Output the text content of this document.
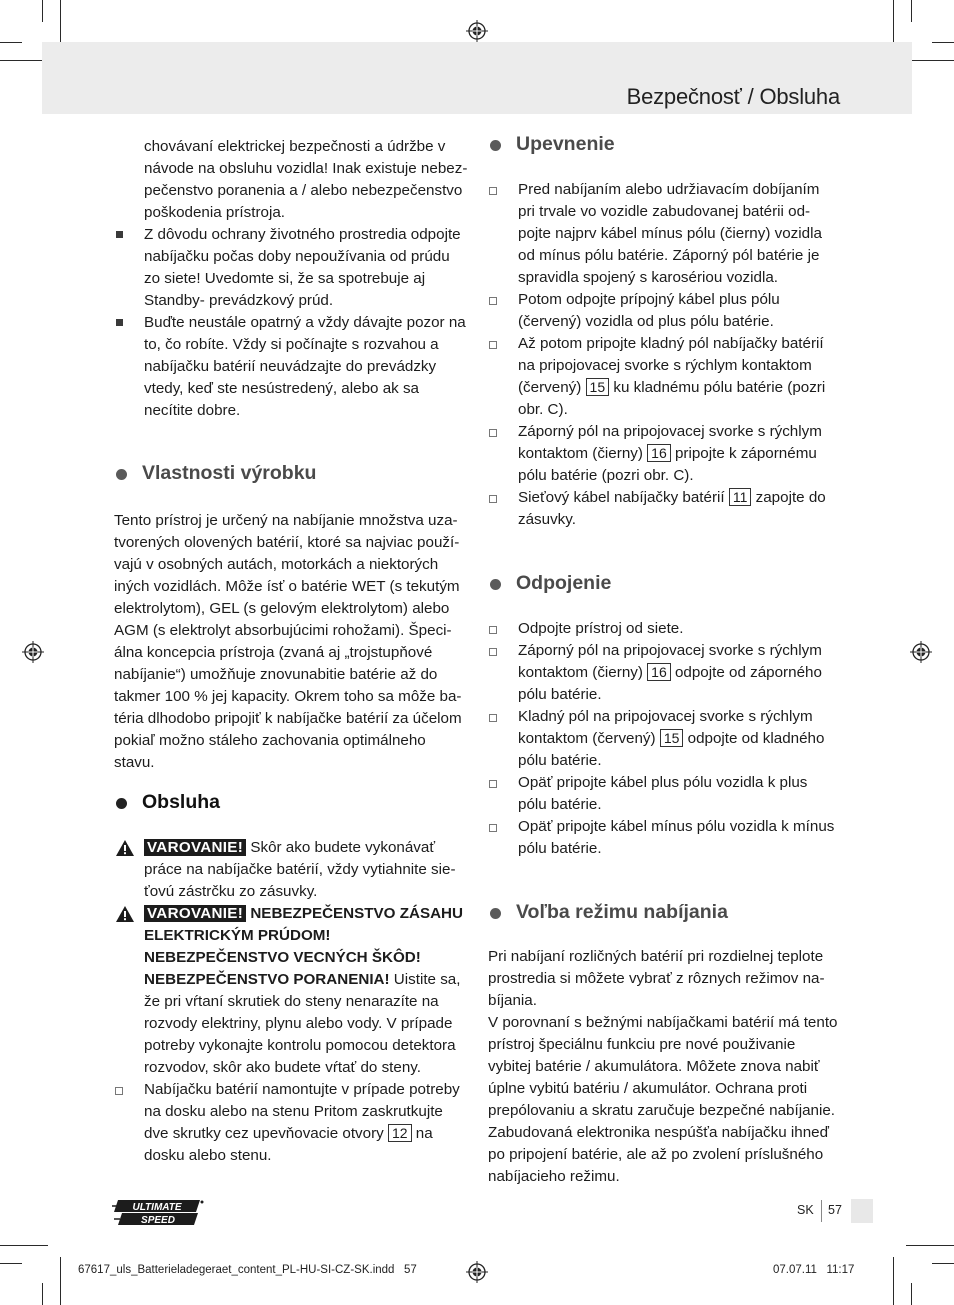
Bezpečnosť / Obsluha
chovávaní elektrickej bezpečnosti a údržbe v návode na obsluhu vozidla! Inak existuje nebez- pečenstvo poranenia a / alebo nebezpečenstvo poškodenia prístroja.
Z dôvodu ochrany životného prostredia odpojte nabíjačku počas doby nepoužívania od prúdu zo siete! Uvedomte si, že sa spotrebuje aj Standby- prevádzkový prúd.
Buďte neustále opatrný a vždy dávajte pozor na to, čo robíte. Vždy si počínajte s rozvahou a nabíjačku batérií neuvádzajte do prevádzky vtedy, keď ste nesústredený, alebo ak sa necítite dobre.
Vlastnosti výrobku
Tento prístroj je určený na nabíjanie množstva uza- tvorených olovených batérií, ktoré sa najviac použí- vajú v osobných autách, motorkách a niektorých iných vozidlách. Môže ísť o batérie WET (s tekutým elektrolytom), GEL (s gelovým elektrolytom) alebo AGM (s elektrolyt absorbujúcimi rohožami). Špeci- álna koncepcia prístroja (zvaná aj „trojstupňové nabíjanie“) umožňuje znovunabitie batérie až do takmer 100 % jej kapacity. Okrem toho sa môže ba- téria dlhodobo pripojiť k nabíjačke batérií za účelom pokiaľ možno stáleho zachovania optimálneho stavu.
Obsluha
VAROVANIE! Skôr ako budete vykonávať práce na nabíjačke batérií, vždy vytiahnite sie- ťovú zástrčku zo zásuvky.
VAROVANIE! NEBEZPEČENSTVO ZÁSAHU ELEKTRICKÝM PRÚDOM! NEBEZPEČENSTVO VECNÝCH ŠKÔD! NEBEZPEČENSTVO PORANENIA! Uistite sa, že pri vŕtaní skrutiek do steny nenarazíte na rozvody elektriny, plynu alebo vody. V prípade potreby vykonajte kontrolu pomocou detektora rozvodov, skôr ako budete vŕtať do steny.
Nabíjačku batérií namontujte v prípade potreby na dosku alebo na stenu Pritom zaskrutkujte dve skrutky cez upevňovacie otvory 12 na dosku alebo stenu.
Upevnenie
Pred nabíjaním alebo udržiavacím dobíjaním pri trvale vo vozidle zabudovanej batérii od- pojte najprv kábel mínus pólu (čierny) vozidla od mínus pólu batérie. Záporný pól batérie je spravidla spojený s karosériou vozidla.
Potom odpojte prípojný kábel plus pólu (červený) vozidla od plus pólu batérie.
Až potom pripojte kladný pól nabíjačky batérií na pripojovacej svorke s rýchlym kontaktom (červený) 15 ku kladnému pólu batérie (pozri obr. C).
Záporný pól na pripojovacej svorke s rýchlym kontaktom (čierny) 16 pripojte k zápornému pólu batérie (pozri obr. C).
Sieťový kábel nabíjačky batérií 11 zapojte do zásuvky.
Odpojenie
Odpojte prístroj od siete.
Záporný pól na pripojovacej svorke s rýchlym kontaktom (čierny) 16 odpojte od záporného pólu batérie.
Kladný pól na pripojovacej svorke s rýchlym kontaktom (červený) 15 odpojte od kladného pólu batérie.
Opäť pripojte kábel plus pólu vozidla k plus pólu batérie.
Opäť pripojte kábel mínus pólu vozidla k mínus pólu batérie.
Voľba režimu nabíjania
Pri nabíjaní rozličných batérií pri rozdielnej teplote prostredia si môžete vybrať z rôznych režimov na- bíjania.
V porovnaní s bežnými nabíjačkami batérií má tento prístroj špeciálnu funkciu pre nové použivanie vybitej batérie / akumulátora. Môžete znova nabiť úplne vybitú batériu / akumulátor. Ochrana proti prepólovaniu a skratu zaručuje bezpečné nabíjanie. Zabudovaná elektronika nespúšťa nabíjačku ihneď po pripojení batérie, ale až po zvolení príslušného nabíjacieho režimu.
ULTIMATE
SPEED
SK 57
67617_uls_Batterieladegeraet_content_PL-HU-SI-CZ-SK.indd   57	07.07.11   11:17
